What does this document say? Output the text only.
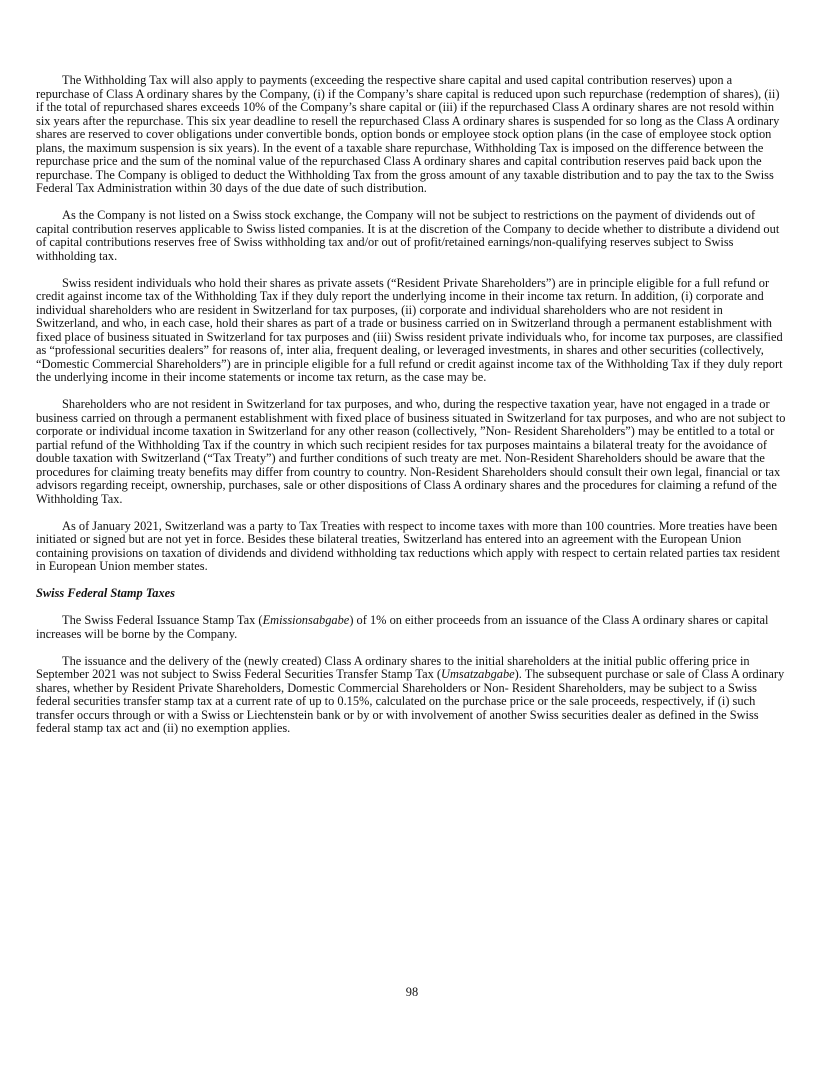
The Withholding Tax will also apply to payments (exceeding the respective share capital and used capital contribution reserves) upon a repurchase of Class A ordinary shares by the Company, (i) if the Company’s share capital is reduced upon such repurchase (redemption of shares), (ii) if the total of repurchased shares exceeds 10% of the Company’s share capital or (iii) if the repurchased Class A ordinary shares are not resold within six years after the repurchase. This six year deadline to resell the repurchased Class A ordinary shares is suspended for so long as the Class A ordinary shares are reserved to cover obligations under convertible bonds, option bonds or employee stock option plans (in the case of employee stock option plans, the maximum suspension is six years). In the event of a taxable share repurchase, Withholding Tax is imposed on the difference between the repurchase price and the sum of the nominal value of the repurchased Class A ordinary shares and capital contribution reserves paid back upon the repurchase. The Company is obliged to deduct the Withholding Tax from the gross amount of any taxable distribution and to pay the tax to the Swiss Federal Tax Administration within 30 days of the due date of such distribution.

As the Company is not listed on a Swiss stock exchange, the Company will not be subject to restrictions on the payment of dividends out of capital contribution reserves applicable to Swiss listed companies. It is at the discretion of the Company to decide whether to distribute a dividend out of capital contributions reserves free of Swiss withholding tax and/or out of profit/retained earnings/non-qualifying reserves subject to Swiss withholding tax.

Swiss resident individuals who hold their shares as private assets (“Resident Private Shareholders”) are in principle eligible for a full refund or credit against income tax of the Withholding Tax if they duly report the underlying income in their income tax return. In addition, (i) corporate and individual shareholders who are resident in Switzerland for tax purposes, (ii) corporate and individual shareholders who are not resident in Switzerland, and who, in each case, hold their shares as part of a trade or business carried on in Switzerland through a permanent establishment with fixed place of business situated in Switzerland for tax purposes and (iii) Swiss resident private individuals who, for income tax purposes, are classified as “professional securities dealers” for reasons of, inter alia, frequent dealing, or leveraged investments, in shares and other securities (collectively, “Domestic Commercial Shareholders”) are in principle eligible for a full refund or credit against income tax of the Withholding Tax if they duly report the underlying income in their income statements or income tax return, as the case may be.

Shareholders who are not resident in Switzerland for tax purposes, and who, during the respective taxation year, have not engaged in a trade or business carried on through a permanent establishment with fixed place of business situated in Switzerland for tax purposes, and who are not subject to corporate or individual income taxation in Switzerland for any other reason (collectively, ”Non- Resident Shareholders”) may be entitled to a total or partial refund of the Withholding Tax if the country in which such recipient resides for tax purposes maintains a bilateral treaty for the avoidance of double taxation with Switzerland (“Tax Treaty”) and further conditions of such treaty are met. Non-Resident Shareholders should be aware that the procedures for claiming treaty benefits may differ from country to country. Non-Resident Shareholders should consult their own legal, financial or tax advisors regarding receipt, ownership, purchases, sale or other dispositions of Class A ordinary shares and the procedures for claiming a refund of the Withholding Tax.

As of January 2021, Switzerland was a party to Tax Treaties with respect to income taxes with more than 100 countries. More treaties have been initiated or signed but are not yet in force. Besides these bilateral treaties, Switzerland has entered into an agreement with the European Union containing provisions on taxation of dividends and dividend withholding tax reductions which apply with respect to certain related parties tax resident in European Union member states.

Swiss Federal Stamp Taxes

The Swiss Federal Issuance Stamp Tax (Emissionsabgabe) of 1% on either proceeds from an issuance of the Class A ordinary shares or capital increases will be borne by the Company.

The issuance and the delivery of the (newly created) Class A ordinary shares to the initial shareholders at the initial public offering price in September 2021 was not subject to Swiss Federal Securities Transfer Stamp Tax (Umsatzabgabe). The subsequent purchase or sale of Class A ordinary shares, whether by Resident Private Shareholders, Domestic Commercial Shareholders or Non- Resident Shareholders, may be subject to a Swiss federal securities transfer stamp tax at a current rate of up to 0.15%, calculated on the purchase price or the sale proceeds, respectively, if (i) such transfer occurs through or with a Swiss or Liechtenstein bank or by or with involvement of another Swiss securities dealer as defined in the Swiss federal stamp tax act and (ii) no exemption applies.

98
